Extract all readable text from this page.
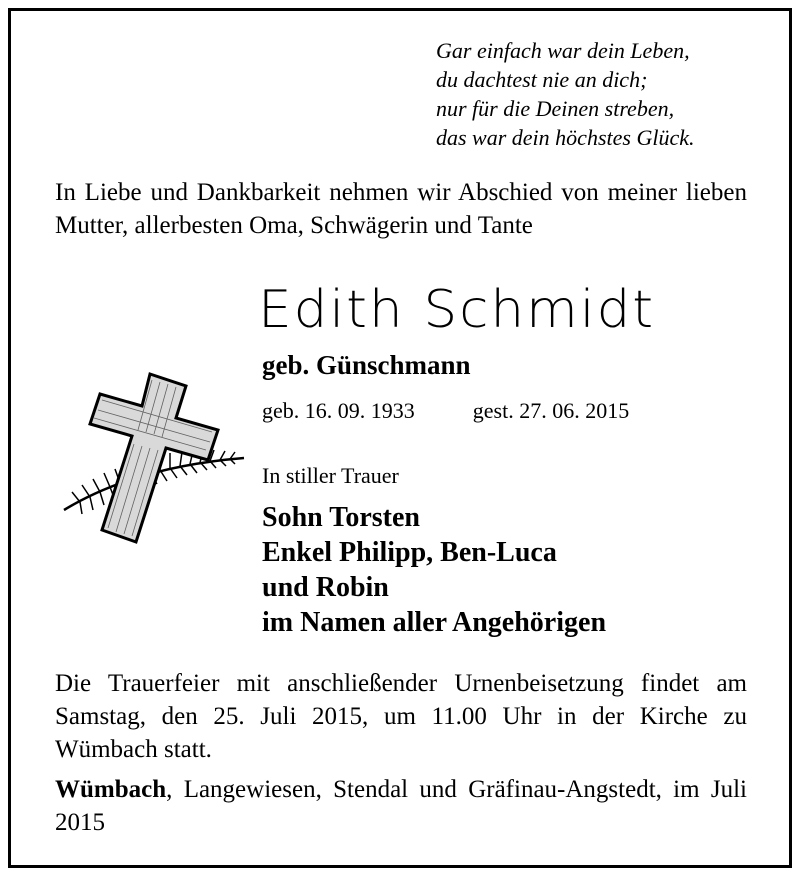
Gar einfach war dein Leben,
du dachtest nie an dich;
nur für die Deinen streben,
das war dein höchstes Glück.
In Liebe und Dankbarkeit nehmen wir Abschied von meiner lieben Mutter, allerbesten Oma, Schwägerin und Tante
Edith Schmidt
geb. Günschmann
geb. 16. 09. 1933	gest. 27. 06. 2015
In stiller Trauer
Sohn Torsten
Enkel Philipp, Ben-Luca
und Robin
im Namen aller Angehörigen
Die Trauerfeier mit anschließender Urnenbeisetzung findet am Samstag, den 25. Juli 2015, um 11.00 Uhr in der Kirche zu Wümbach statt.
Wümbach, Langewiesen, Stendal und Gräfinau-Angstedt, im Juli 2015
